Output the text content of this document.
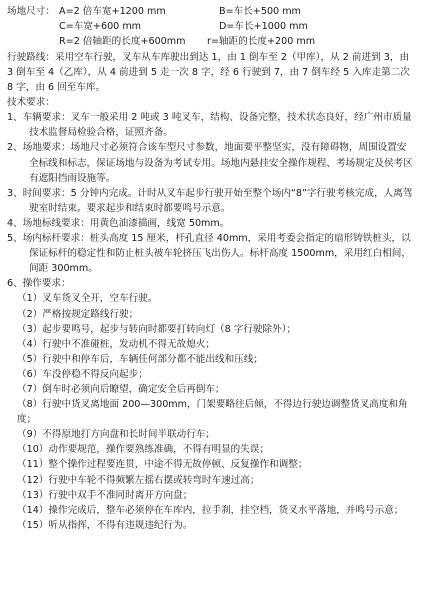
场地尺寸： A=2 倍车宽+1200 mm	B=车长+500 mm
C=车宽+600 mm	D=车长+1000 mm
R=2 倍轴距的长度+600mm	r=轴距的长度+200 mm
行驶路线：采用空车行驶，叉车从车库驶出到达 1，由 1 倒车至 2（甲库），从 2 前进到 3，由 3 倒车至 4（乙库），从 4 前进到 5 走一次 8 字，经 6 行驶到 7，由 7 倒车经 5 入库走第二次 8 字，由 6 回至车库。
技术要求：
1、车辆要求：叉车一般采用 2 吨或 3 吨叉车，结构、设备完整，技术状态良好，经广州市质量技术监督局检验合格，证照齐备。
2、场地要求：场地尺寸必须符合该车型尺寸参数，地面要平整坚实，没有障碍物，周围设置安全标线和标志，保证场地与设备为考试专用。场地内悬挂安全操作规程、考场规定及侯考区有遮阳挡雨设施等。
3、时间要求：5 分钟内完成。计时从叉车起步行驶开始至整个场内“8”字行驶考核完成，人离驾驶室时结束。要求起步和结束时都要鸣号示意。
4、场地标线要求：用黄色油漆描画，线宽 50mm。
5、场内标杆要求：桩头高度 15 厘米，杆孔直径 40mm，采用考委会指定的扇形铸铁桩头，以保证标杆的稳定性和防止桩头被车轮挤压飞出伤人。标杆高度 1500mm，采用红白相间，间距 300mm。
6、操作要求：
（1）叉车货叉全开，空车行驶。
（2）严格按规定路线行驶；
（3）起步要鸣号，起步与转向时都要打转向灯（8 字行驶除外）；
（4）行驶中不准碰桩，发动机不得无故熄火；
（5）行驶中和停车后，车辆任何部分都不能出线和压线；
（6）车没停稳不得反向起步；
（7）倒车时必须向后瞭望，确定安全后再倒车；
（8）行驶中货叉离地面 200—300mm，门架要略往后倾，不得边行驶边调整货叉高度和角度；
（9）不得原地打方向盘和长时间半联动行车；
（10）动作要规范，操作要熟练准确，不得有明显的失误；
（11）整个操作过程要连贯，中途不得无故停顿、反复操作和调整；
（12）行驶中车轮不得频繁左摇右摆或转弯时车速过高；
（13）行驶中双手不准同时离开方向盘；
（14）操作完成后，整车必须停在车库内，拉手刹，挂空档，货叉水平落地，并鸣号示意；
（15）听从指挥，不得有违规违纪行为。
